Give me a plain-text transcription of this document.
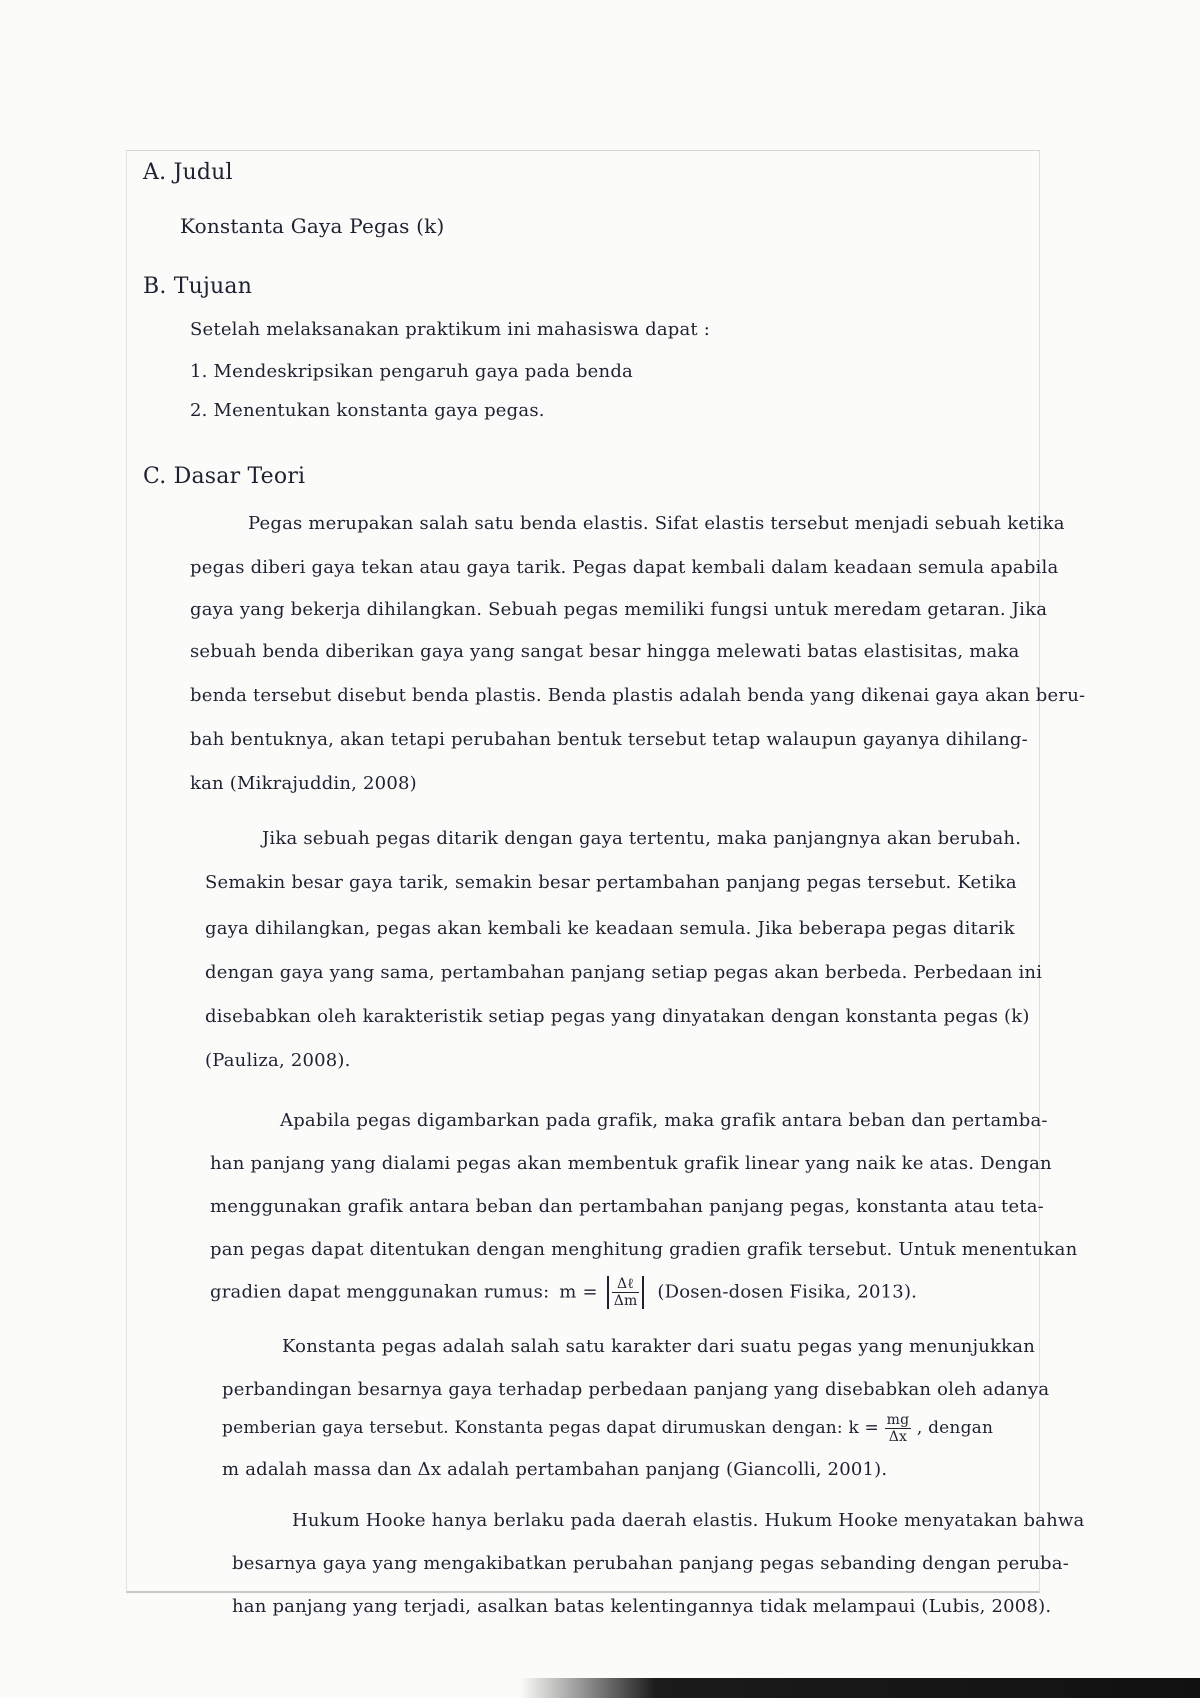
A. Judul
Konstanta Gaya Pegas (k)
B. Tujuan
Setelah melaksanakan praktikum ini mahasiswa dapat :
1. Mendeskripsikan pengaruh gaya pada benda
2. Menentukan konstanta gaya pegas.
C. Dasar Teori
Pegas merupakan salah satu benda elastis. Sifat elastis tersebut menjadi sebuah ketika
pegas diberi gaya tekan atau gaya tarik. Pegas dapat kembali dalam keadaan semula apabila
gaya yang bekerja dihilangkan. Sebuah pegas memiliki fungsi untuk meredam getaran. Jika
sebuah benda diberikan gaya yang sangat besar hingga melewati batas elastisitas, maka
benda tersebut disebut benda plastis. Benda plastis adalah benda yang dikenai gaya akan beru-
bah bentuknya, akan tetapi perubahan bentuk tersebut tetap walaupun gayanya dihilang-
kan (Mikrajuddin, 2008)
Jika sebuah pegas ditarik dengan gaya tertentu, maka panjangnya akan berubah.
Semakin besar gaya tarik, semakin besar pertambahan panjang pegas tersebut. Ketika
gaya dihilangkan, pegas akan kembali ke keadaan semula. Jika beberapa pegas ditarik
dengan gaya yang sama, pertambahan panjang setiap pegas akan berbeda. Perbedaan ini
disebabkan oleh karakteristik setiap pegas yang dinyatakan dengan konstanta pegas (k)
(Pauliza, 2008).
Apabila pegas digambarkan pada grafik, maka grafik antara beban dan pertamba-
han panjang yang dialami pegas akan membentuk grafik linear yang naik ke atas. Dengan
menggunakan grafik antara beban dan pertambahan panjang pegas, konstanta atau teta-
pan pegas dapat ditentukan dengan menghitung gradien grafik tersebut. Untuk menentukan
gradien dapat menggunakan rumus: $m = \frac{\text{Δℓ}}{\Delta m}$ (Dosen-dosen Fisika, 2013).
Konstanta pegas adalah salah satu karakter dari suatu pegas yang menunjukkan
perbandingan besarnya gaya terhadap perbedaan panjang yang disebabkan oleh adanya
pemberian gaya tersebut. Konstanta pegas dapat dirumuskan dengan: $k = \frac{mg}{\Delta x}$ , dengan
m adalah massa dan Δx adalah pertambahan panjang (Giancolli, 2001).
Hukum Hooke hanya berlaku pada daerah elastis. Hukum Hooke menyatakan bahwa
besarnya gaya yang mengakibatkan perubahan panjang pegas sebanding dengan peruba-
han panjang yang terjadi, asalkan batas kelentingannya tidak melampaui (Lubis, 2008).
